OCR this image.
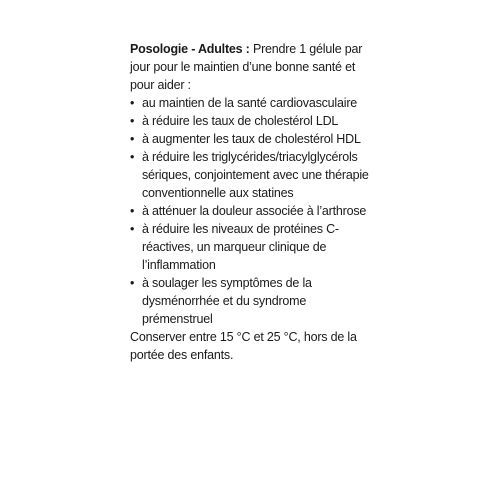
Posologie - Adultes : Prendre 1 gélule par jour pour le maintien d’une bonne santé et pour aider :

• au maintien de la santé cardiovasculaire
• à réduire les taux de cholestérol LDL
• à augmenter les taux de cholestérol HDL
• à réduire les triglycérides/triacylglycérols sériques, conjointement avec une thérapie conventionnelle aux statines
• à atténuer la douleur associée à l’arthrose
• à réduire les niveaux de protéines C-réactives, un marqueur clinique de l’inflammation
• à soulager les symptômes de la dysménorrhée et du syndrome prémenstruel

Conserver entre 15 °C et 25 °C, hors de la portée des enfants.
